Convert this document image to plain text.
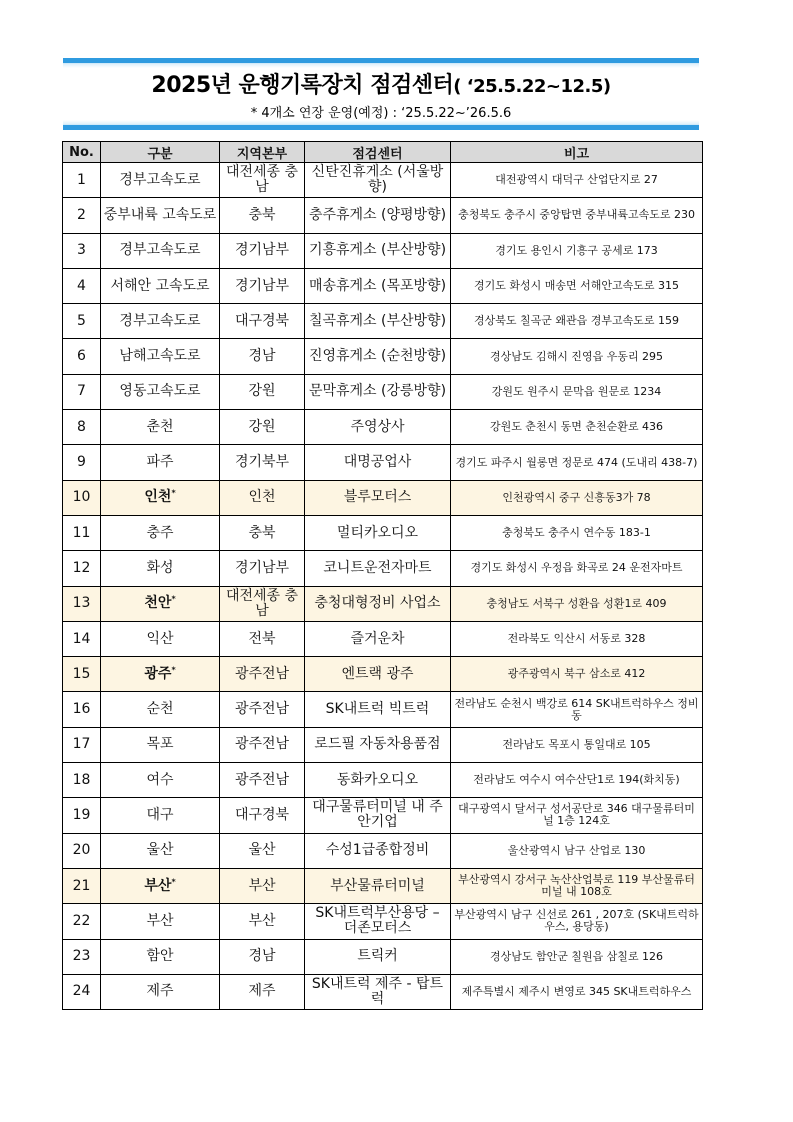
2025년 운행기록장치 점검센터( ‘25.5.22~12.5)
* 4개소 연장 운영(예정) : ‘25.5.22~’26.5.6
No.	구분	지역본부	점검센터	비고
1	경부고속도로	대전세종 충남	신탄진휴게소 (서울방향)	대전광역시 대덕구 산업단지로 27
2	중부내륙 고속도로	충북	충주휴게소 (양평방향)	충청북도 충주시 중앙탑면 중부내륙고속도로 230
3	경부고속도로	경기남부	기흥휴게소 (부산방향)	경기도 용인시 기흥구 공세로 173
4	서해안 고속도로	경기남부	매송휴게소 (목포방향)	경기도 화성시 매송면 서해안고속도로 315
5	경부고속도로	대구경북	칠곡휴게소 (부산방향)	경상북도 칠곡군 왜관읍 경부고속도로 159
6	남해고속도로	경남	진영휴게소 (순천방향)	경상남도 김해시 진영읍 우동리 295
7	영동고속도로	강원	문막휴게소 (강릉방향)	강원도 원주시 문막읍 원문로 1234
8	춘천	강원	주영상사	강원도 춘천시 동면 춘천순환로 436
9	파주	경기북부	대명공업사	경기도 파주시 월롱면 정문로 474 (도내리 438-7)
10	인천*	인천	블루모터스	인천광역시 중구 신흥동3가 78
11	충주	충북	멀티카오디오	충청북도 충주시 연수동 183-1
12	화성	경기남부	코니트운전자마트	경기도 화성시 우정읍 화곡로 24 운전자마트
13	천안*	대전세종 충남	충청대형정비 사업소	충청남도 서북구 성환읍 성환1로 409
14	익산	전북	즐거운차	전라북도 익산시 서동로 328
15	광주*	광주전남	엔트랙 광주	광주광역시 북구 삼소로 412
16	순천	광주전남	SK내트럭 빅트럭	전라남도 순천시 백강로 614 SK내트럭하우스 정비동
17	목포	광주전남	로드필 자동차용품점	전라남도 목포시 통일대로 105
18	여수	광주전남	동화카오디오	전라남도 여수시 여수산단1로 194(화치동)
19	대구	대구경북	대구물류터미널 내 주안기업	대구광역시 달서구 성서공단로 346 대구물류터미널 1층 124호
20	울산	울산	수성1급종합정비	울산광역시 남구 산업로 130
21	부산*	부산	부산물류터미널	부산광역시 강서구 녹산산업북로 119 부산물류터미널 내 108호
22	부산	부산	SK내트럭부산용당 – 더존모터스	부산광역시 남구 신선로 261 , 207호 (SK내트럭하우스, 용당동)
23	함안	경남	트릭커	경상남도 함안군 칠원읍 삼칠로 126
24	제주	제주	SK내트럭 제주 - 탑트럭	제주특별시 제주시 변영로 345 SK내트럭하우스
